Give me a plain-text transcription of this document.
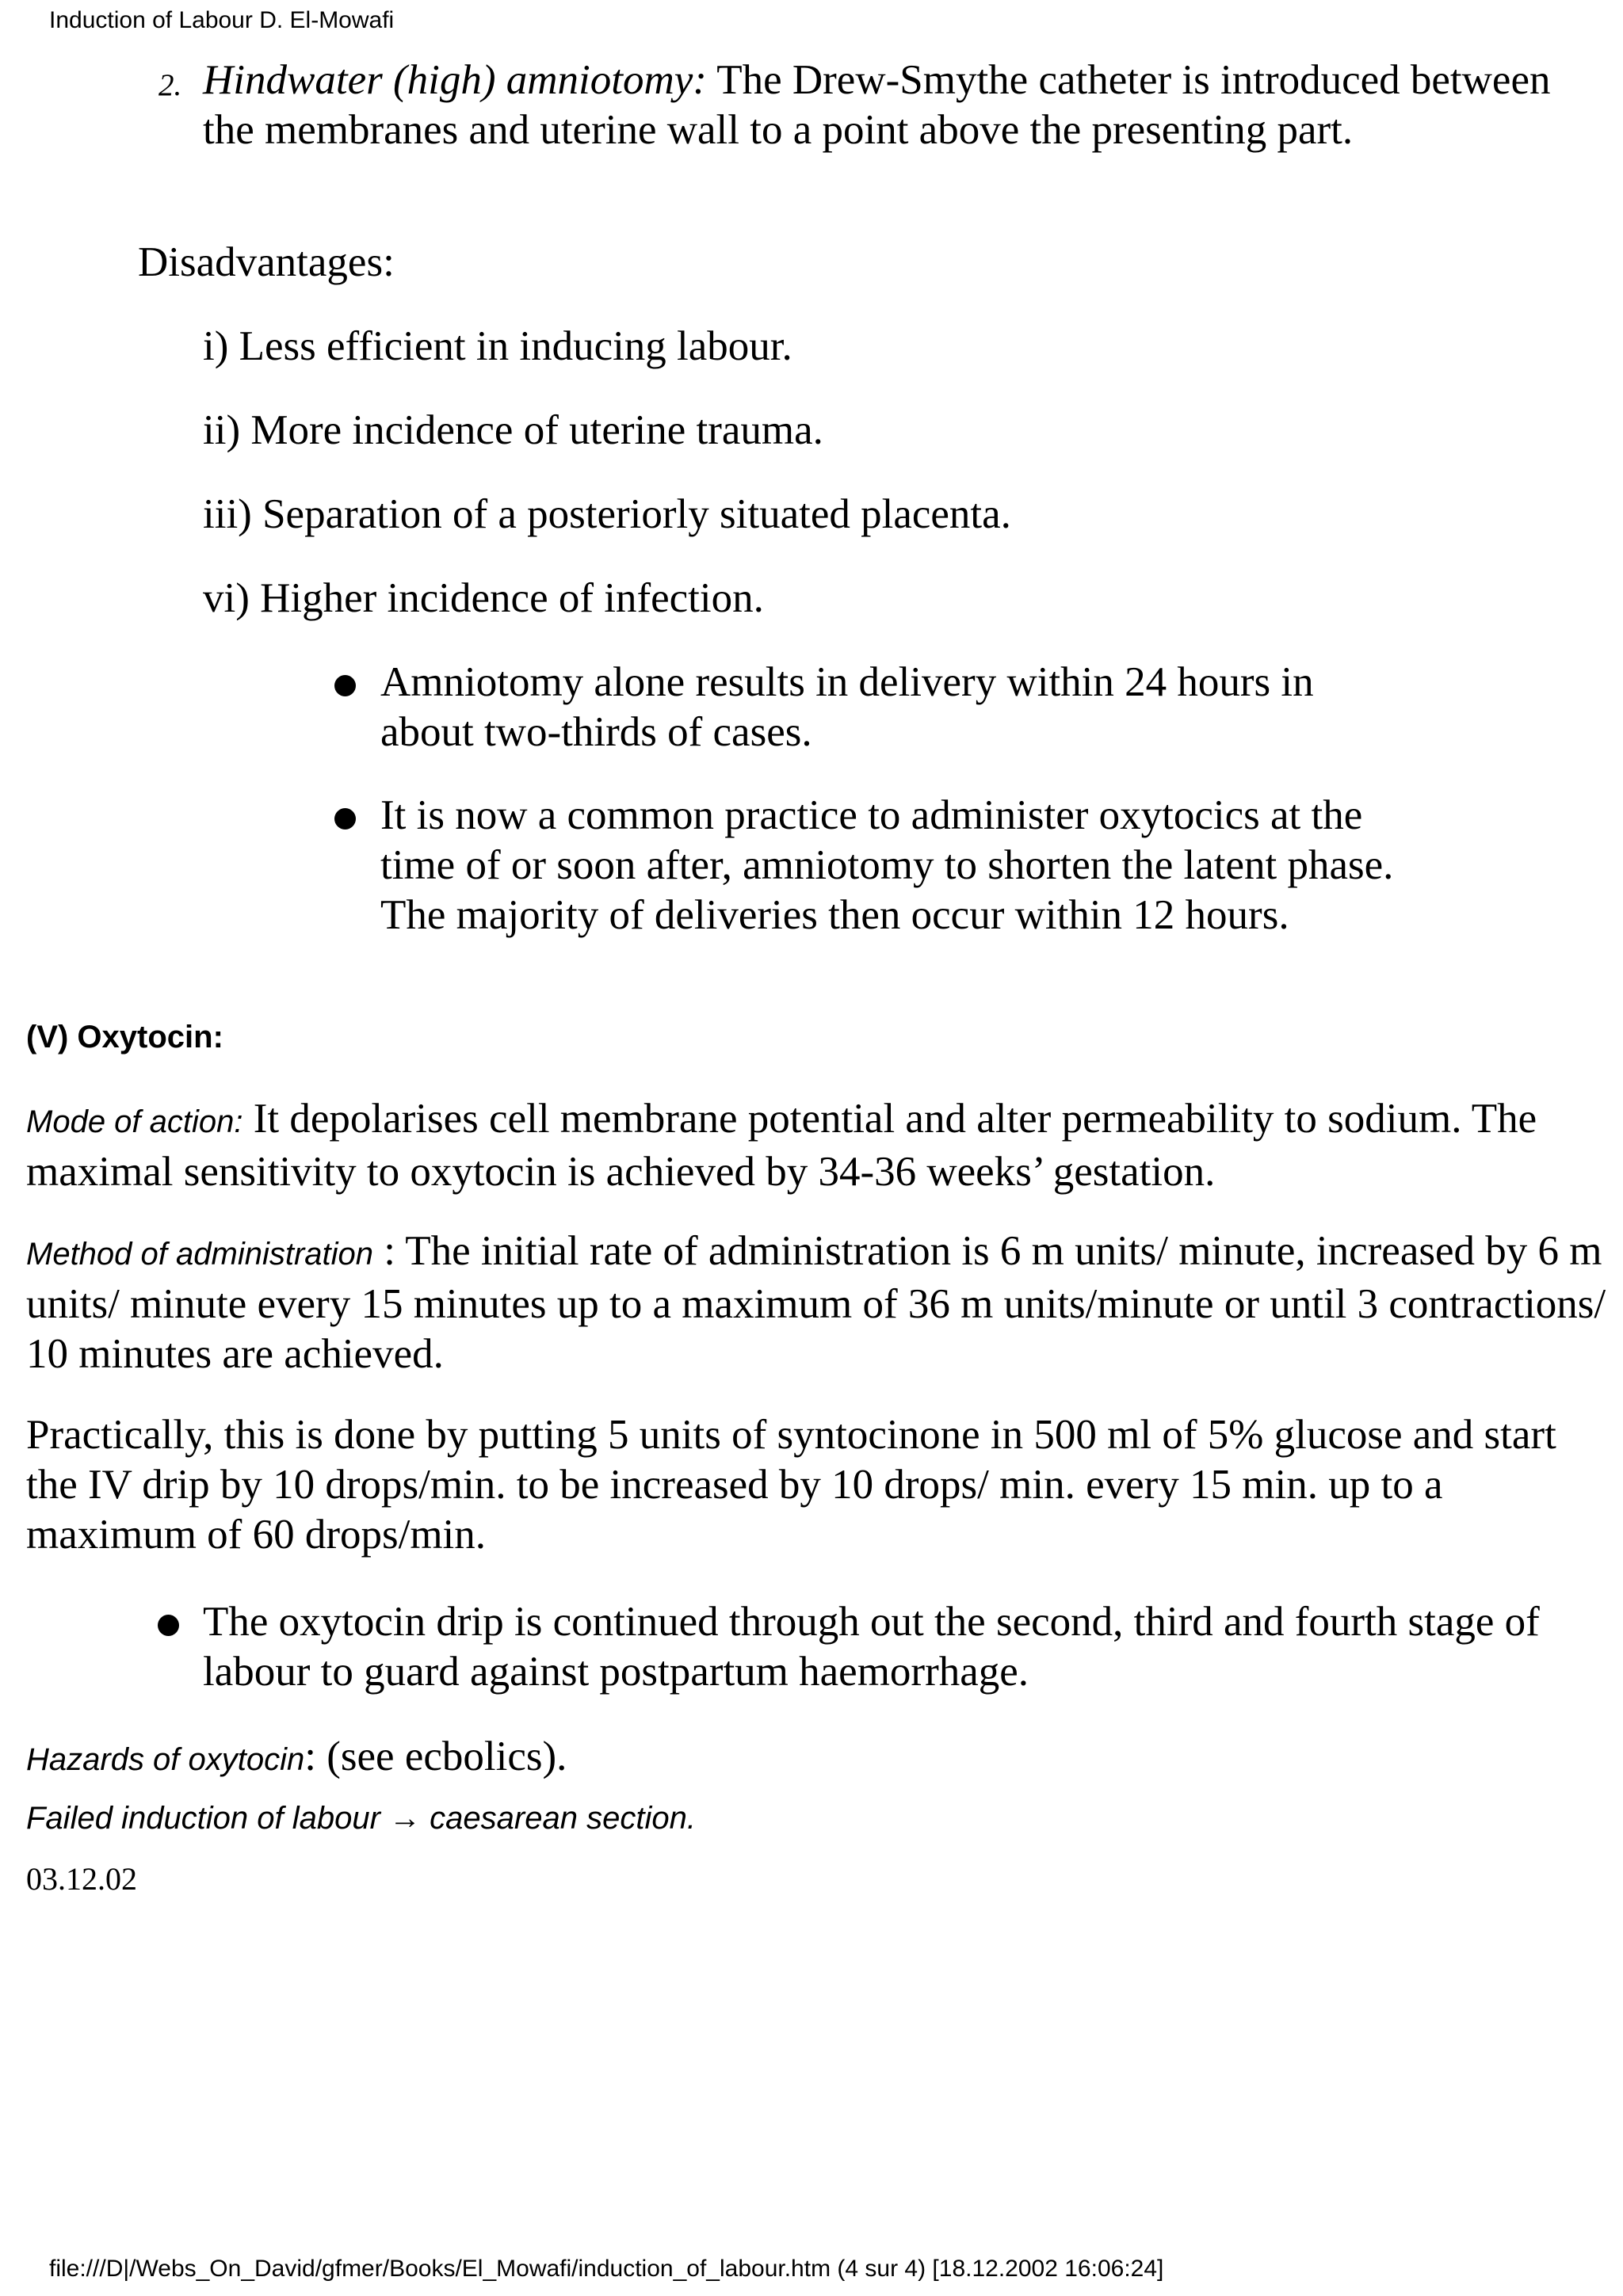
Induction of Labour D. El-Mowafi
2. Hindwater (high) amniotomy: The Drew-Smythe catheter is introduced between the membranes and uterine wall to a point above the presenting part.
Disadvantages:
i) Less efficient in inducing labour.
ii) More incidence of uterine trauma.
iii) Separation of a posteriorly situated placenta.
vi) Higher incidence of infection.
Amniotomy alone results in delivery within 24 hours in about two-thirds of cases.
It is now a common practice to administer oxytocics at the time of or soon after, amniotomy to shorten the latent phase. The majority of deliveries then occur within 12 hours.
(V) Oxytocin:
Mode of action: It depolarises cell membrane potential and alter permeability to sodium. The maximal sensitivity to oxytocin is achieved by 34-36 weeks’ gestation.
Method of administration : The initial rate of administration is 6 m units/ minute, increased by 6 m units/ minute every 15 minutes up to a maximum of 36 m units/minute or until 3 contractions/ 10 minutes are achieved.
Practically, this is done by putting 5 units of syntocinone in 500 ml of 5% glucose and start the IV drip by 10 drops/min. to be increased by 10 drops/ min. every 15 min. up to a maximum of 60 drops/min.
The oxytocin drip is continued through out the second, third and fourth stage of labour to guard against postpartum haemorrhage.
Hazards of oxytocin: (see ecbolics).
Failed induction of labour → caesarean section.
03.12.02
file:///D|/Webs_On_David/gfmer/Books/El_Mowafi/induction_of_labour.htm (4 sur 4) [18.12.2002 16:06:24]
